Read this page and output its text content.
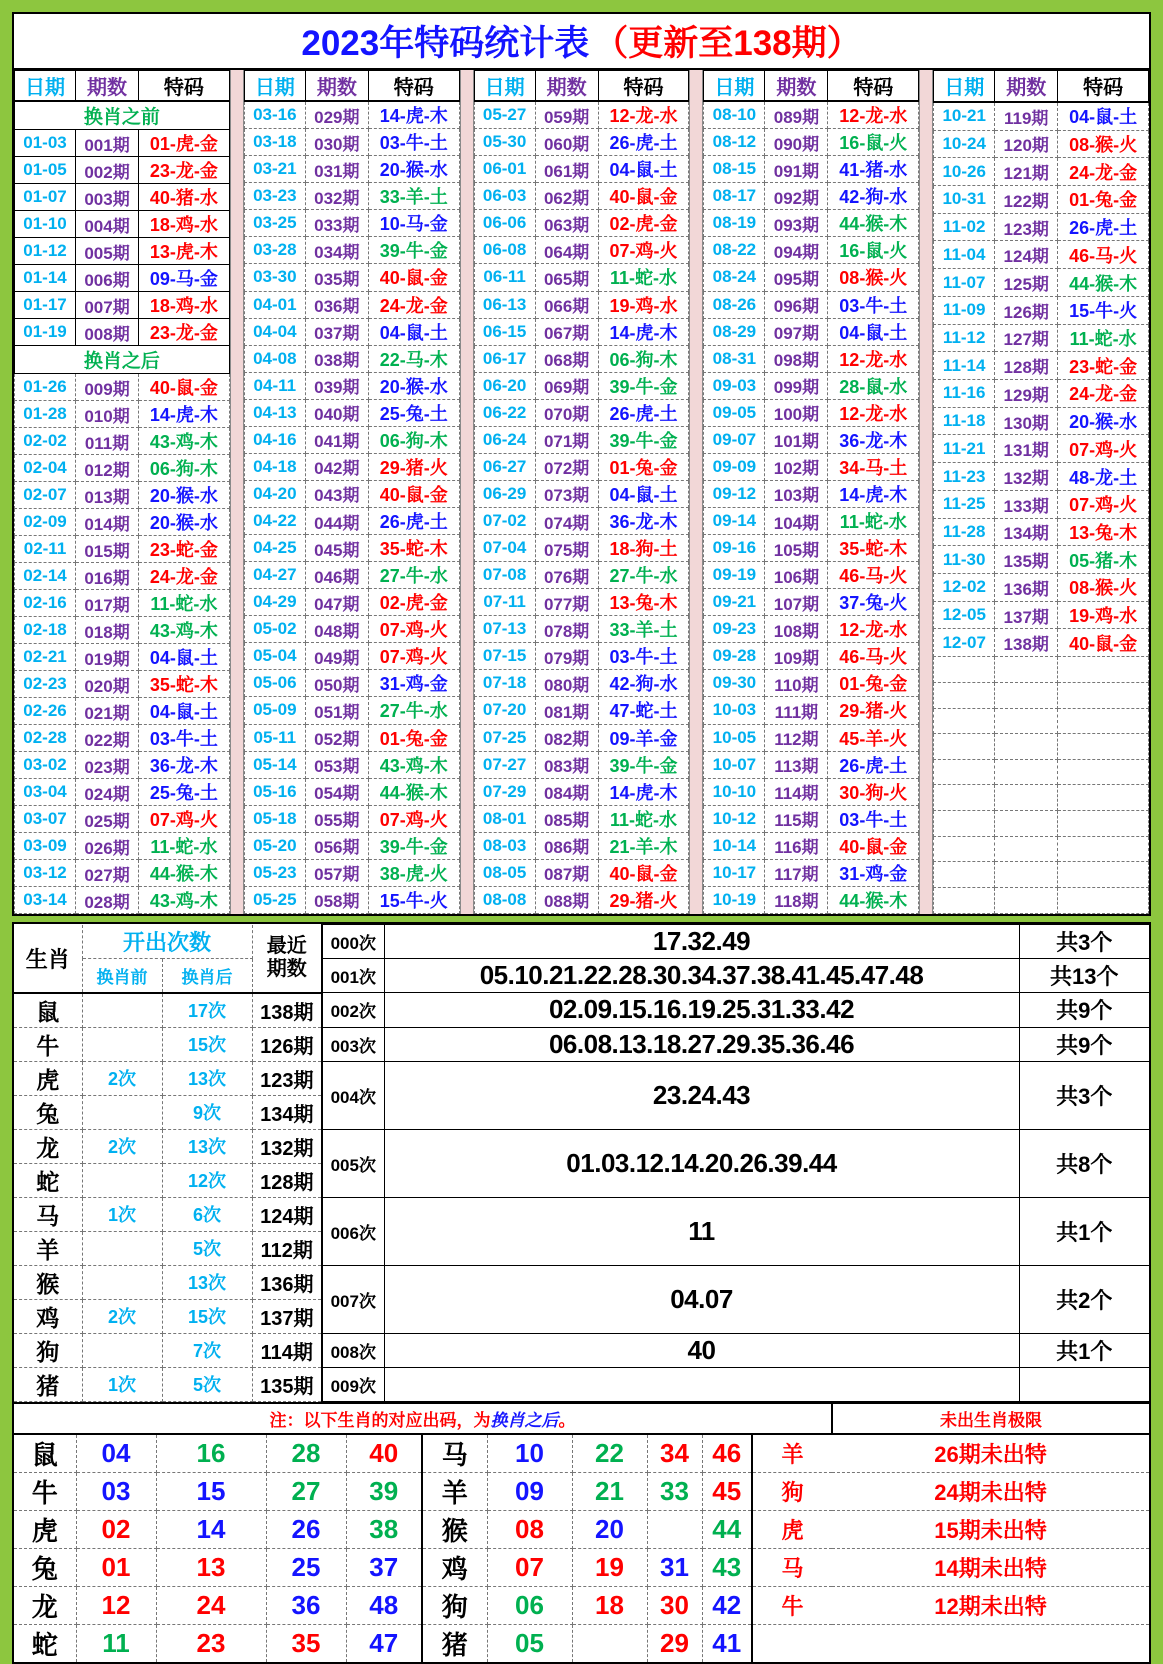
2023年特码统计表 （更新至138期）
日期	期数	特码
换肖之前		
01-03	001期	01-虎-金
01-05	002期	23-龙-金
01-07	003期	40-猪-水
01-10	004期	18-鸡-水
01-12	005期	13-虎-木
01-14	006期	09-马-金
01-17	007期	18-鸡-水
01-19	008期	23-龙-金
换肖之后		
01-26	009期	40-鼠-金
01-28	010期	14-虎-木
02-02	011期	43-鸡-木
02-04	012期	06-狗-木
02-07	013期	20-猴-水
02-09	014期	20-猴-水
02-11	015期	23-蛇-金
02-14	016期	24-龙-金
02-16	017期	11-蛇-水
02-18	018期	43-鸡-木
02-21	019期	04-鼠-土
02-23	020期	35-蛇-木
02-26	021期	04-鼠-土
02-28	022期	03-牛-土
03-02	023期	36-龙-木
03-04	024期	25-兔-土
03-07	025期	07-鸡-火
03-09	026期	11-蛇-水
03-12	027期	44-猴-木
03-14	028期	43-鸡-木
日期	期数	特码
03-16	029期	14-虎-木
03-18	030期	03-牛-土
03-21	031期	20-猴-水
03-23	032期	33-羊-土
03-25	033期	10-马-金
03-28	034期	39-牛-金
03-30	035期	40-鼠-金
04-01	036期	24-龙-金
04-04	037期	04-鼠-土
04-08	038期	22-马-木
04-11	039期	20-猴-水
04-13	040期	25-兔-土
04-16	041期	06-狗-木
04-18	042期	29-猪-火
04-20	043期	40-鼠-金
04-22	044期	26-虎-土
04-25	045期	35-蛇-木
04-27	046期	27-牛-水
04-29	047期	02-虎-金
05-02	048期	07-鸡-火
05-04	049期	07-鸡-火
05-06	050期	31-鸡-金
05-09	051期	27-牛-水
05-11	052期	01-兔-金
05-14	053期	43-鸡-木
05-16	054期	44-猴-木
05-18	055期	07-鸡-火
05-20	056期	39-牛-金
05-23	057期	38-虎-火
05-25	058期	15-牛-火
日期	期数	特码
05-27	059期	12-龙-水
05-30	060期	26-虎-土
06-01	061期	04-鼠-土
06-03	062期	40-鼠-金
06-06	063期	02-虎-金
06-08	064期	07-鸡-火
06-11	065期	11-蛇-水
06-13	066期	19-鸡-水
06-15	067期	14-虎-木
06-17	068期	06-狗-木
06-20	069期	39-牛-金
06-22	070期	26-虎-土
06-24	071期	39-牛-金
06-27	072期	01-兔-金
06-29	073期	04-鼠-土
07-02	074期	36-龙-木
07-04	075期	18-狗-土
07-08	076期	27-牛-水
07-11	077期	13-兔-木
07-13	078期	33-羊-土
07-15	079期	03-牛-土
07-18	080期	42-狗-水
07-20	081期	47-蛇-土
07-25	082期	09-羊-金
07-27	083期	39-牛-金
07-29	084期	14-虎-木
08-01	085期	11-蛇-水
08-03	086期	21-羊-木
08-05	087期	40-鼠-金
08-08	088期	29-猪-火
日期	期数	特码
08-10	089期	12-龙-水
08-12	090期	16-鼠-火
08-15	091期	41-猪-水
08-17	092期	42-狗-水
08-19	093期	44-猴-木
08-22	094期	16-鼠-火
08-24	095期	08-猴-火
08-26	096期	03-牛-土
08-29	097期	04-鼠-土
08-31	098期	12-龙-水
09-03	099期	28-鼠-水
09-05	100期	12-龙-水
09-07	101期	36-龙-木
09-09	102期	34-马-土
09-12	103期	14-虎-木
09-14	104期	11-蛇-水
09-16	105期	35-蛇-木
09-19	106期	46-马-火
09-21	107期	37-兔-火
09-23	108期	12-龙-水
09-28	109期	46-马-火
09-30	110期	01-兔-金
10-03	111期	29-猪-火
10-05	112期	45-羊-火
10-07	113期	26-虎-土
10-10	114期	30-狗-火
10-12	115期	03-牛-土
10-14	116期	40-鼠-金
10-17	117期	31-鸡-金
10-19	118期	44-猴-木
日期	期数	特码
10-21	119期	04-鼠-土
10-24	120期	08-猴-火
10-26	121期	24-龙-金
10-31	122期	01-兔-金
11-02	123期	26-虎-土
11-04	124期	46-马-火
11-07	125期	44-猴-木
11-09	126期	15-牛-火
11-12	127期	11-蛇-水
11-14	128期	23-蛇-金
11-16	129期	24-龙-金
11-18	130期	20-猴-水
11-21	131期	07-鸡-火
11-23	132期	48-龙-土
11-25	133期	07-鸡-火
11-28	134期	13-兔-木
11-30	135期	05-猪-木
12-02	136期	08-猴-火
12-05	137期	19-鸡-水
12-07	138期	40-鼠-金

生肖	开出次数		最近
期数	000次	17.32.49	共3个
	换肖前	换肖后		001次	05.10.21.22.28.30.34.37.38.41.45.47.48	共13个
鼠		17次	138期	002次	02.09.15.16.19.25.31.33.42	共9个
牛		15次	126期	003次	06.08.13.18.27.29.35.36.46	共9个
虎	2次	13次	123期	004次	23.24.43	共3个
兔		9次	134期			
龙	2次	13次	132期	005次	01.03.12.14.20.26.39.44	共8个
蛇		12次	128期			
马	1次	6次	124期	006次	11	共1个
羊		5次	112期			
猴		13次	136期	007次	04.07	共2个
鸡	2次	15次	137期			
狗		7次	114期	008次	40	共1个
猪	1次	5次	135期	009次		
注：以下生肖的对应出码，为换肖之后。											未出生肖极限
鼠	04	16	28	40	马	10	22	34	46	羊	26期未出特
牛	03	15	27	39	羊	09	21	33	45	狗	24期未出特
虎	02	14	26	38	猴	08	20		44	虎	15期未出特
兔	01	13	25	37	鸡	07	19	31	43	马	14期未出特
龙	12	24	36	48	狗	06	18	30	42	牛	12期未出特
蛇	11	23	35	47	猪	05		29	41		
